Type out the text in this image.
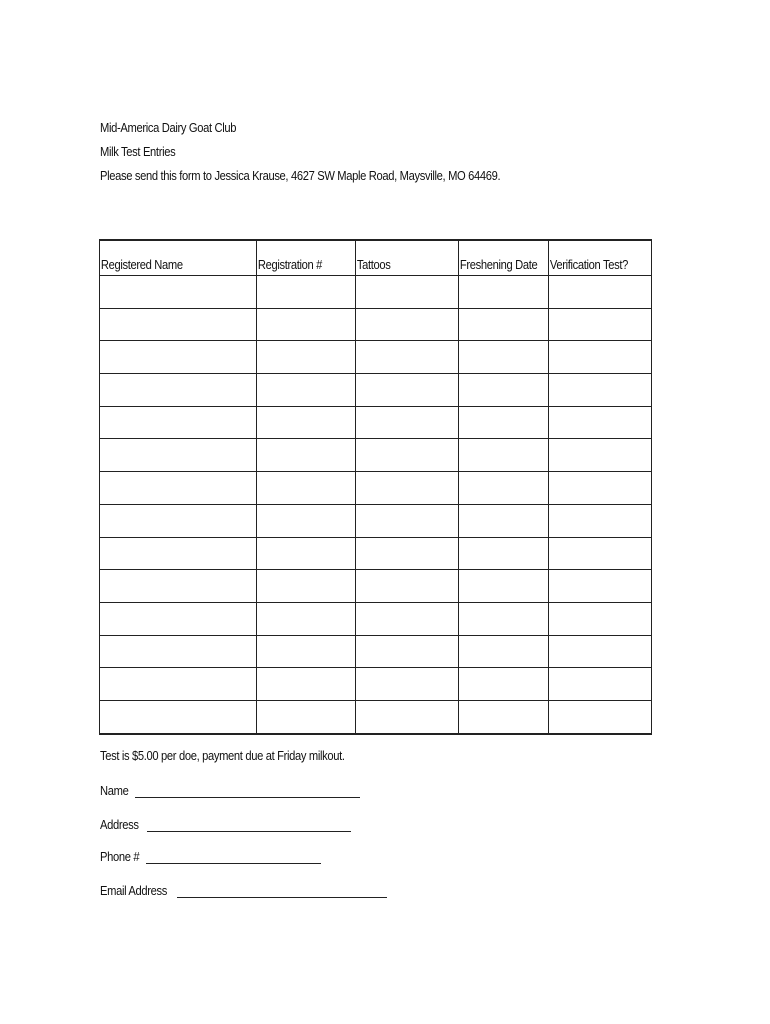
Mid-America Dairy Goat Club
Milk Test Entries
Please send this form to Jessica Krause, 4627 SW Maple Road, Maysville, MO 64469.
Registered Name	Registration #	Tattoos	Freshening Date	Verification Test?

Test is $5.00 per doe, payment due at Friday milkout.
Name
Address
Phone #
Email Address
